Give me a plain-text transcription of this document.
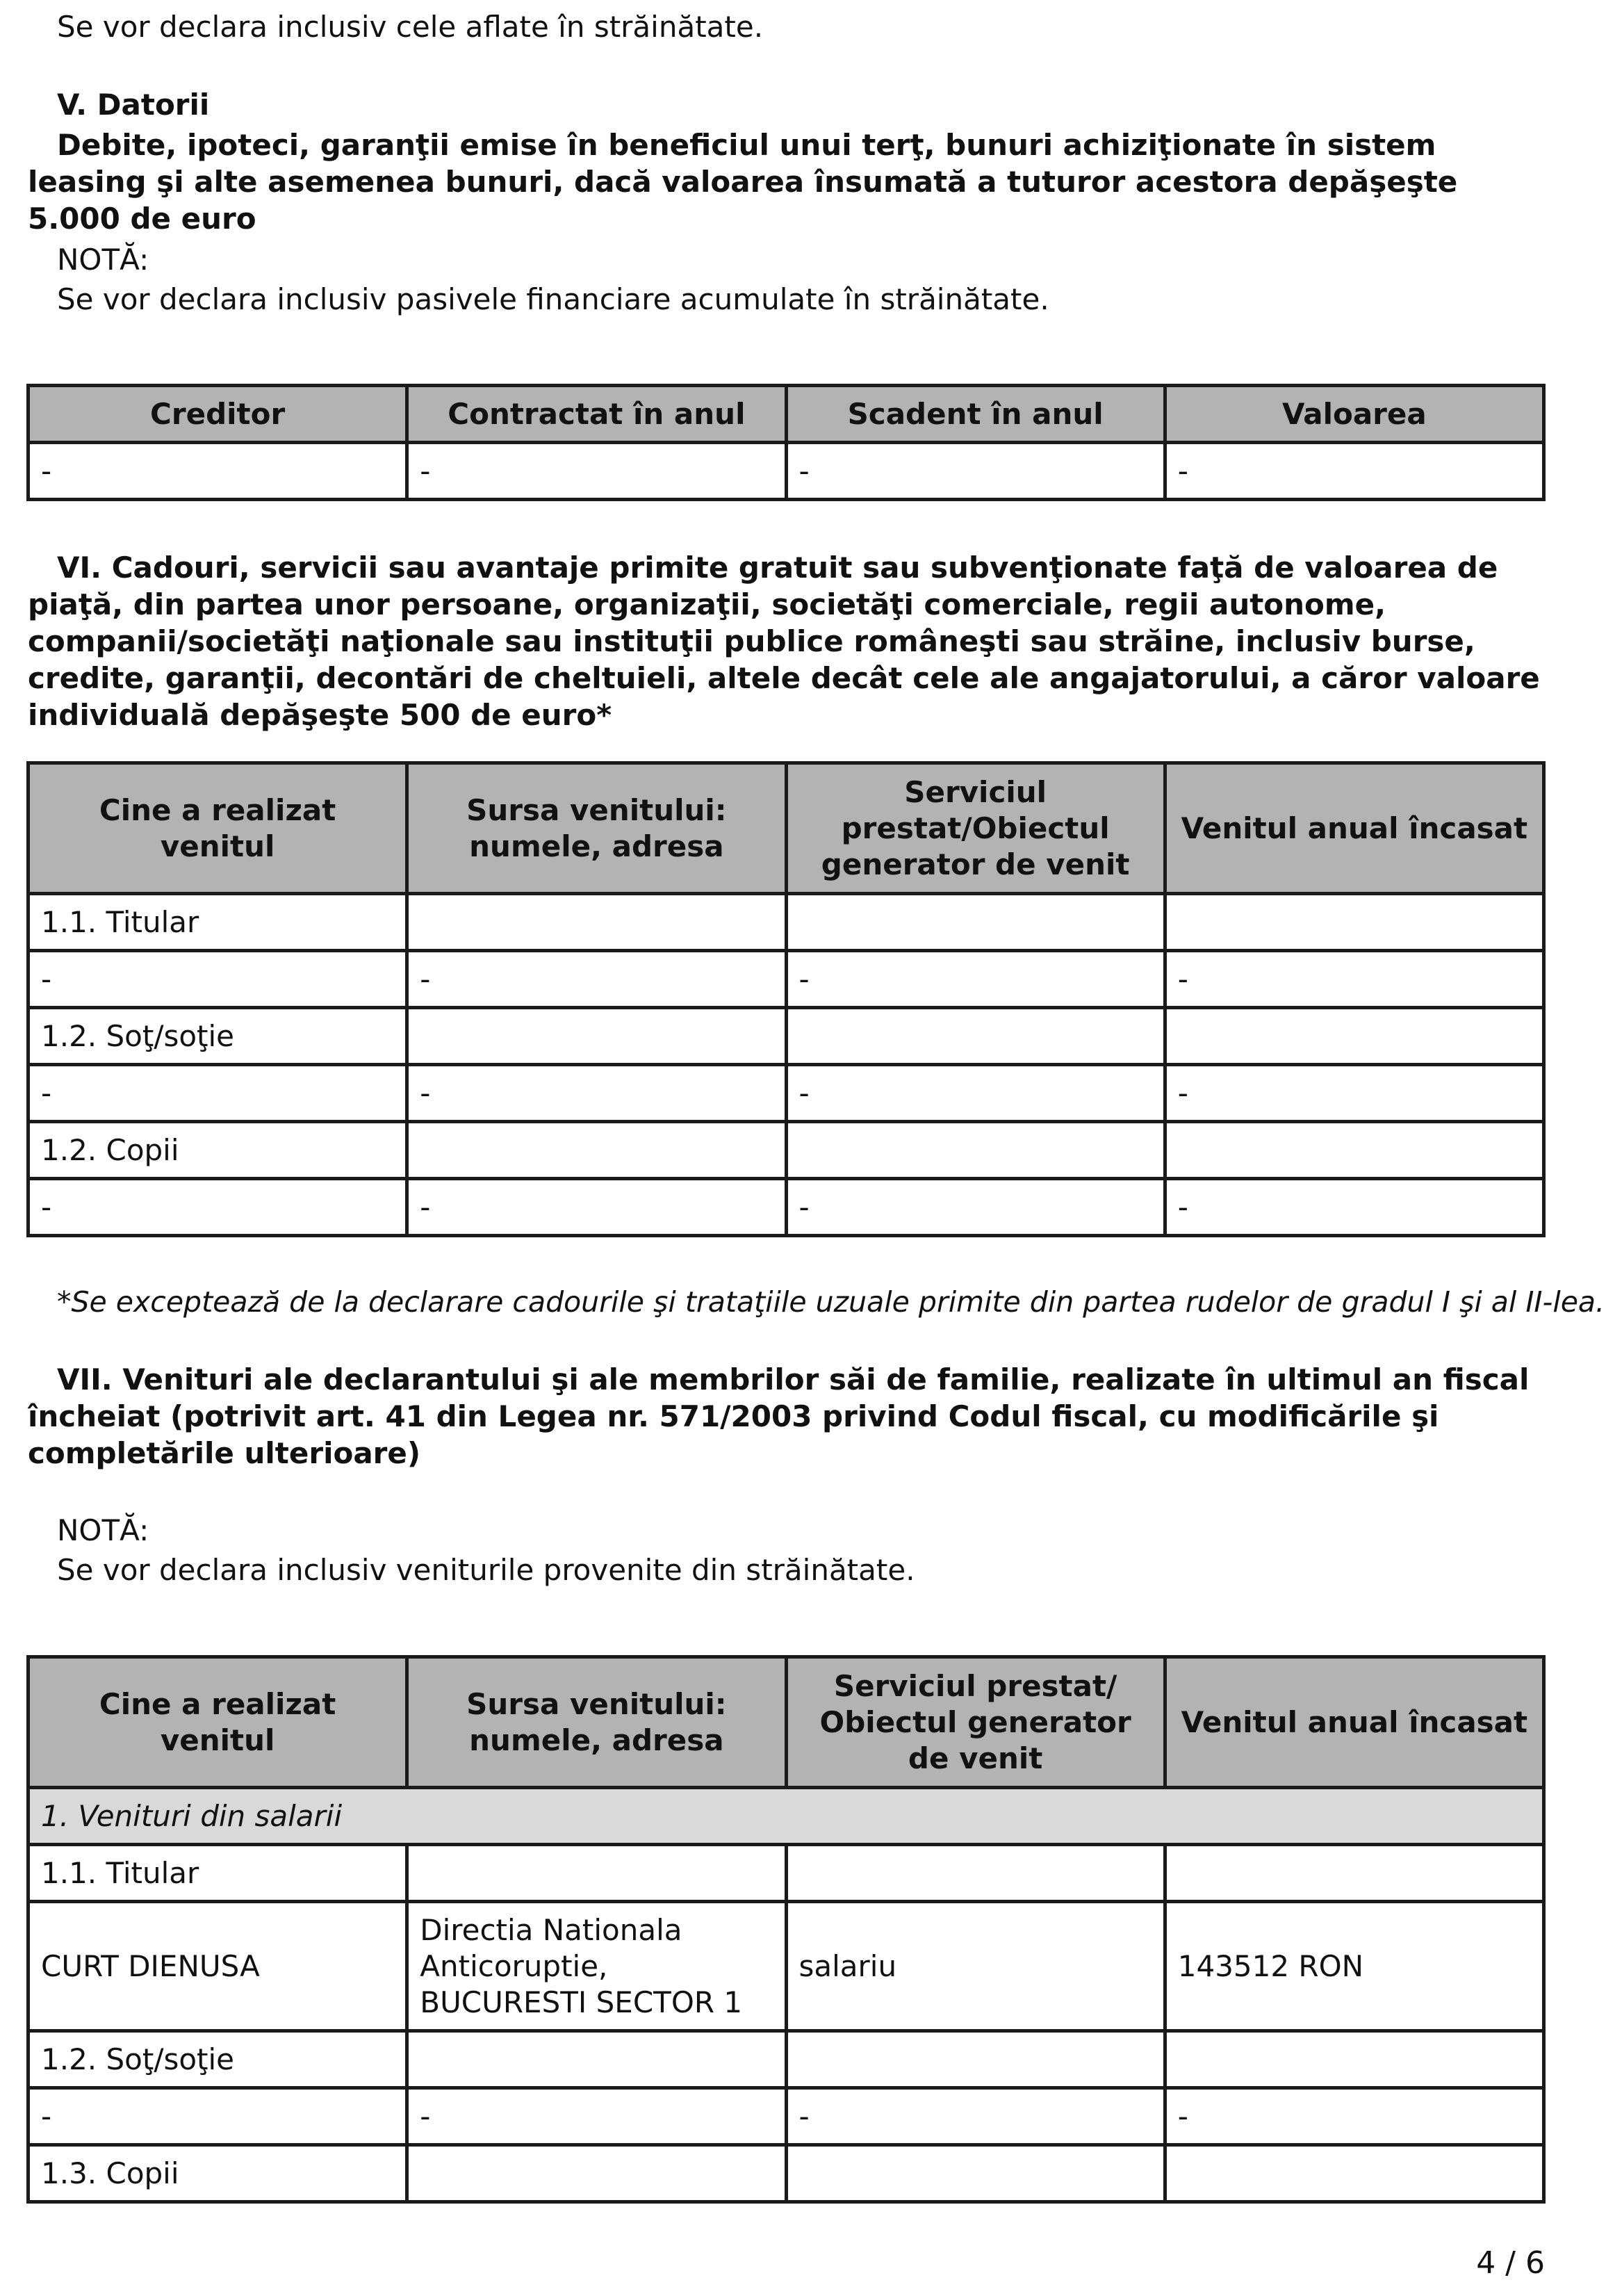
Se vor declara inclusiv cele aflate în străinătate.
V. Datorii
Debite, ipoteci, garanţii emise în beneficiul unui terţ, bunuri achiziţionate în sistem leasing şi alte asemenea bunuri, dacă valoarea însumată a tuturor acestora depăşeşte 5.000 de euro
NOTĂ:
Se vor declara inclusiv pasivele financiare acumulate în străinătate.
Creditor	Contractat în anul	Scadent în anul	Valoarea
-	-	-	-
VI. Cadouri, servicii sau avantaje primite gratuit sau subvenţionate faţă de valoarea de piaţă, din partea unor persoane, organizaţii, societăţi comerciale, regii autonome, companii/societăţi naţionale sau instituţii publice româneşti sau străine, inclusiv burse, credite, garanţii, decontări de cheltuieli, altele decât cele ale angajatorului, a căror valoare individuală depăşeşte 500 de euro*
Cine a realizat venitul	Sursa venitului: numele, adresa	Serviciul prestat/Obiectul generator de venit	Venitul anual încasat
1.1. Titular			
-	-	-	-
1.2. Soţ/soţie			
-	-	-	-
1.2. Copii			
-	-	-	-
*Se exceptează de la declarare cadourile şi trataţiile uzuale primite din partea rudelor de gradul I şi al II-lea.
VII. Venituri ale declarantului şi ale membrilor săi de familie, realizate în ultimul an fiscal încheiat (potrivit art. 41 din Legea nr. 571/2003 privind Codul fiscal, cu modificările şi completările ulterioare)
NOTĂ:
Se vor declara inclusiv veniturile provenite din străinătate.
Cine a realizat venitul	Sursa venitului: numele, adresa	Serviciul prestat/ Obiectul generator de venit	Venitul anual încasat
1. Venituri din salarii			
1.1. Titular			
CURT DIENUSA	Directia Nationala Anticoruptie, BUCURESTI SECTOR 1	salariu	143512 RON
1.2. Soţ/soţie			
-	-	-	-
1.3. Copii			
4 / 6
